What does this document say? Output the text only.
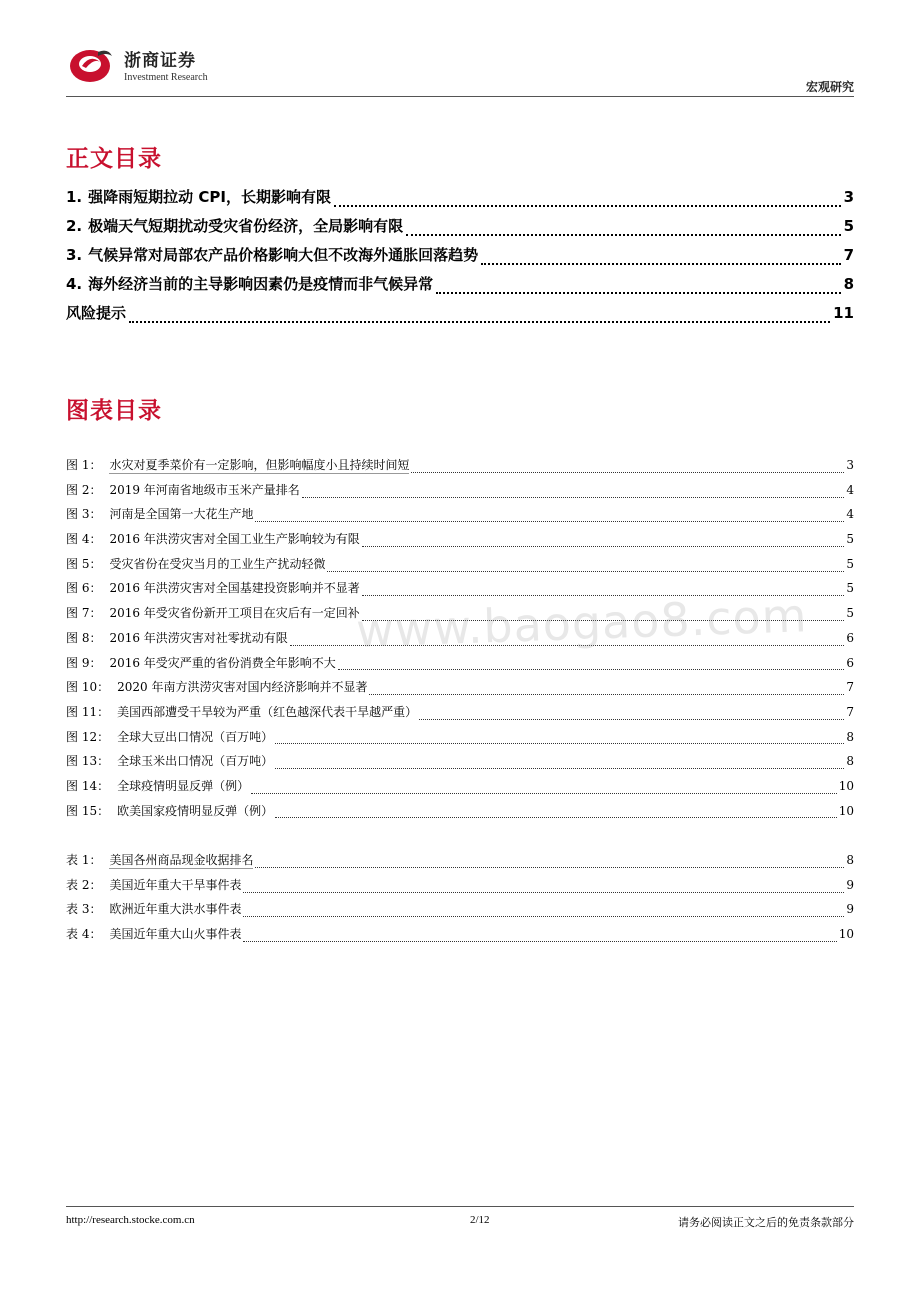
浙商证券
Investment Research
宏观研究
正文目录
1. 强降雨短期拉动 CPI，长期影响有限	3
2. 极端天气短期扰动受灾省份经济，全局影响有限	5
3. 气候异常对局部农产品价格影响大但不改海外通胀回落趋势	7
4. 海外经济当前的主导影响因素仍是疫情而非气候异常	8
风险提示	11
图表目录
图 1： 水灾对夏季菜价有一定影响，但影响幅度小且持续时间短	3
图 2： 2019 年河南省地级市玉米产量排名	4
图 3： 河南是全国第一大花生产地	4
图 4： 2016 年洪涝灾害对全国工业生产影响较为有限	5
图 5： 受灾省份在受灾当月的工业生产扰动轻微	5
图 6： 2016 年洪涝灾害对全国基建投资影响并不显著	5
图 7： 2016 年受灾省份新开工项目在灾后有一定回补	5
图 8： 2016 年洪涝灾害对社零扰动有限	6
图 9： 2016 年受灾严重的省份消费全年影响不大	6
图 10： 2020 年南方洪涝灾害对国内经济影响并不显著	7
图 11： 美国西部遭受干旱较为严重（红色越深代表干旱越严重）	7
图 12： 全球大豆出口情况（百万吨）	8
图 13： 全球玉米出口情况（百万吨）	8
图 14： 全球疫情明显反弹（例）	10
图 15： 欧美国家疫情明显反弹（例）	10
表 1： 美国各州商品现金收据排名	8
表 2： 美国近年重大干旱事件表	9
表 3： 欧洲近年重大洪水事件表	9
表 4： 美国近年重大山火事件表	10
www.baogao8.com
http://research.stocke.com.cn	2/12	请务必阅读正文之后的免责条款部分
